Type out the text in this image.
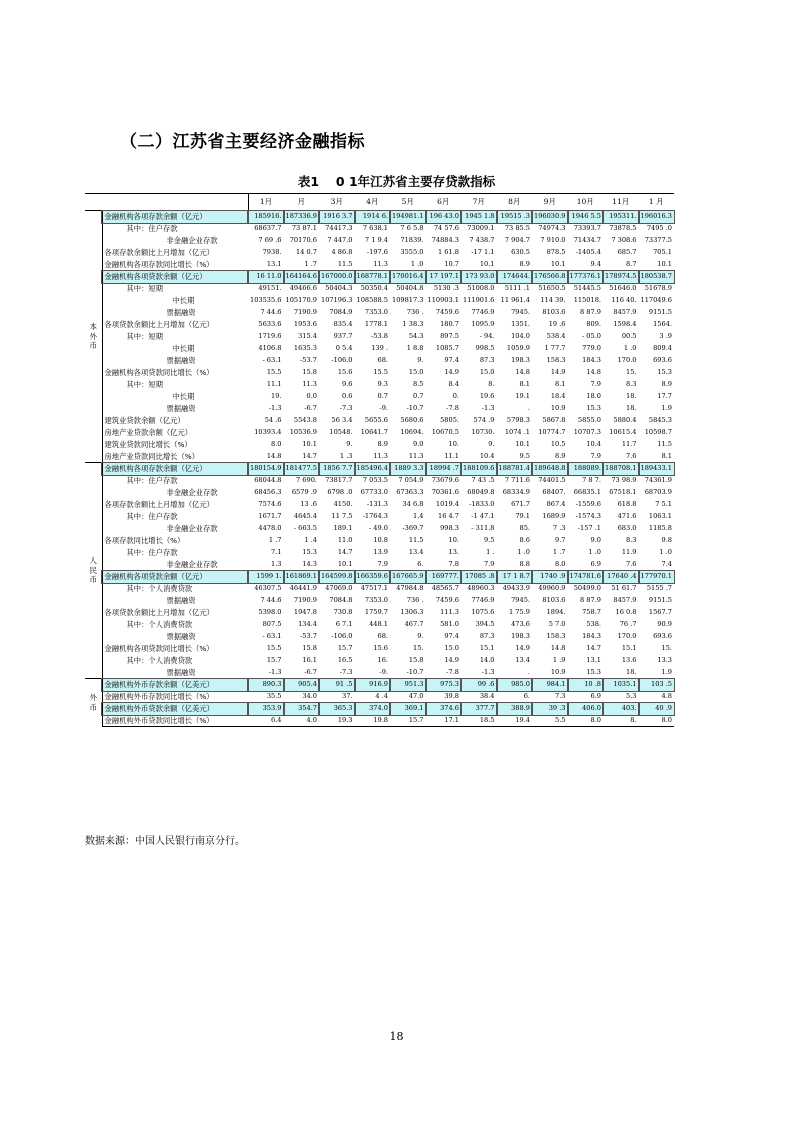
（二）江苏省主要经济金融指标
表1　 0 1年江苏省主要存贷款指标
		1月	月	3月	4月	5月	6月	7月	8月	9月	10月	11月	1 月

本外币	金融机构各项存款余额（亿元）	185916.	187336.9	1916 3.7	1914 6.	194981.1	196 43.0	1945 1.8	19515 .3	196030.9	1946 5.5	195311.	196016.3
	其中：住户存款	68637.7	73 87.1	74417.3	7 638.1	7 6 5.8	74 57.6	73009.1	73 85.5	74974.3	73393.7	73878.5	7495 .0
	非金融企业存款	7 69 .6	70170.6	7 447.0	7 1 9.4	71839.	74884.3	7 438.7	7 904.7	7 910.0	71434.7	7 308.6	73377.5
	各项存款余额比上月增加（亿元）	7938.	14 0.7	4 86.8	-197.6	3555.0	1 61.8	-17 1.1	630.5	878.5	-1405.4	685.7	705.1
	金融机构各项存款同比增长（%）	13.1	1 .7	11.5	11.3	1 .0	10.7	10.1	8.9	10.1	9.4	8.7	10.1
	金融机构各项贷款余额（亿元）	16 11.0	164164.6	167000.0	168778.1	170016.4	17 197.1	173 93.0	174644.	176566.8	177376.1	178974.5	180538.7
	其中：短期	49151.	49466.6	50404.3	50350.4	50404.8	5130 .3	51008.0	5111 .1	51650.5	51445.5	51646.0	51678.9
	中长期	103535.6	105170.9	107196.3	108588.5	109817.3	110903.1	111901.6	11 961.4	114 39.	115018.	116 40.	117049.6
	票据融资	7 44.6	7190.9	7084.9	7353.0	736 .	7459.6	7746.9	7945.	8103.6	8 87.9	8457.9	9151.5
	各项贷款余额比上月增加（亿元）	5633.6	1953.6	835.4	1778.1	1 38.3	180.7	1095.9	1351.	19 .6	809.	1598.4	1564.
	其中：短期	1719.6	315.4	937.7	-53.8	54.3	897.5	- 94.	104.0	538.4	- 05.0	00.5	3 .9
	中长期	4106.8	1635.3	0 5.4	139 .	1 8.8	1085.7	998.5	1059.9	1 77.7	779.0	1 .0	809.4
	票据融资	- 63.1	-53.7	-106.0	68.	9.	97.4	87.3	198.3	158.3	184.3	170.0	693.6
	金融机构各项贷款同比增长（%）	15.5	15.8	15.6	15.5	15.0	14.9	15.0	14.8	14.9	14.8	15.	15.3
	其中：短期	11.1	11.3	9.6	9.3	8.5	8.4	8.	8.1	8.1	7.9	8.3	8.9
	中长期	19.	0.0	0.6	0.7	0.7	0.	19.6	19.1	18.4	18.0	18.	17.7
	票据融资	-1.3	-6.7	-7.3	-9.	-10.7	-7.8	-1.3	.	10.9	15.3	18.	1.9
	建筑业贷款余额（亿元）	54 .6	5543.8	56 3.4	5655.6	5680.6	5805.	574 .9	5798.3	5867.8	5855.0	5880.4	5845.3
	房地产业贷款余额（亿元）	10393.4	10536.9	10548.	10641.7	10694.	10670.5	10730.	1074 .1	10774.7	10707.3	10615.4	10598.7
	建筑业贷款同比增长（%）	8.0	10.1	9.	8.9	9.0	10.	9.	10.1	10.5	10.4	11.7	11.5
	房地产业贷款同比增长（%）	14.8	14.7	1 .3	11.3	11.3	11.1	10.4	9.5	8.9	7.9	7.6	8.1

人民币	金融机构各项存款余额（亿元）	180154.9	181477.5	1856 7.7	185496.4	1889 3.3	18994 .7	188109.6	188781.4	189648.8	188089.	188708.1	189433.1
	其中：住户存款	68044.8	7 690.	73817.7	7 053.5	7 054.9	73679.6	7 43 .5	7 711.6	74401.5	7 8 7.	73 98.9	74361.9
	非金融企业存款	68456.3	6579 .9	6798 .0	67733.0	67363.3	70361.6	68049.8	68334.9	68407.	66835.1	67518.1	68703.9
	各项存款余额比上月增加（亿元）	7574.6	13 .6	4150.	-131.3	34 6.8	1019.4	-1833.0	671.7	867.4	-1559.6	618.8	7 5.1
	其中：住户存款	1671.7	4645.4	11 7.5	-1764.3	1.4	16 4.7	-1 47.1	79.1	1689.9	-1574.3	471.6	1063.1
	非金融企业存款	4478.0	- 663.5	189.1	- 49.0	-369.7	998.3	- 311.8	85.	7 .3	-157 .1	683.0	1185.8
	各项存款同比增长（%）	1 .7	1 .4	11.0	10.8	11.5	10.	9.5	8.6	9.7	9.0	8.3	9.8
	其中：住户存款	7.1	15.3	14.7	13.9	13.4	13.	1 .	1 .0	1 .7	1 .0	11.9	1 .0
	非金融企业存款	1.3	14.3	10.1	7.9	6.	7.8	7.9	8.8	8.0	6.9	7.6	7.4
	金融机构各项贷款余额（亿元）	1599 1.	161869.1	164599.8	166359.6	167665.9	169777.	17085 .8	17 1 8.7	1740 .9	174781.6	17640 .4	177970.1
	其中：个人消费贷款	46307.5	46441.9	47069.0	47517.1	47984.8	48565.7	48960.3	49433.9	49960.9	50499.0	51 61.7	5155 .7
	票据融资	7 44.6	7190.9	7084.8	7353.0	736 .	7459.6	7746.9	7945.	8103.6	8 87.9	8457.9	9151.5
	各项贷款余额比上月增加（亿元）	5398.0	1947.8	730.8	1759.7	1306.3	111.3	1075.6	1 75.9	1894.	758.7	16 0.8	1567.7
	其中：个人消费贷款	807.5	134.4	6 7.1	448.1	467.7	581.0	394.5	473.6	5 7.0	538.	76 .7	90.9
	票据融资	- 63.1	-53.7	-106.0	68.	9.	97.4	87.3	198.3	158.3	184.3	170.0	693.6
	金融机构各项贷款同比增长（%）	15.5	15.8	15.7	15.6	15.	15.0	15.1	14.9	14.8	14.7	15.1	15.
	其中：个人消费贷款	15.7	16.1	16.5	16.	15.8	14.9	14.0	13.4	1 .9	13.1	13.6	13.3
	票据融资	-1.3	-6.7	-7.3	-9.	-10.7	-7.8	-1.3	.	10.9	15.3	18.	1.9

外币	金融机构外币存款余额（亿美元）	890.3	905.4	91 .5	916.9	951.3	975.3	99 .6	985.0	984.1	10 .8	1035.1	103 .5
	金融机构外币存款同比增长（%）	35.5	34.0	37.	4 .4	47.0	39.8	38.4	6.	7.3	6.9	5.3	4.8
	金融机构外币贷款余额（亿美元）	353.9	354.7	365.3	374.0	369.1	374.6	377.7	388.9	39 .3	406.0	403.	40 .9
	金融机构外币贷款同比增长（%）	6.4	4.0	19.3	19.8	15.7	17.1	18.5	19.4	5.5	8.0	8.	8.0
数据来源：中国人民银行南京分行。
18
